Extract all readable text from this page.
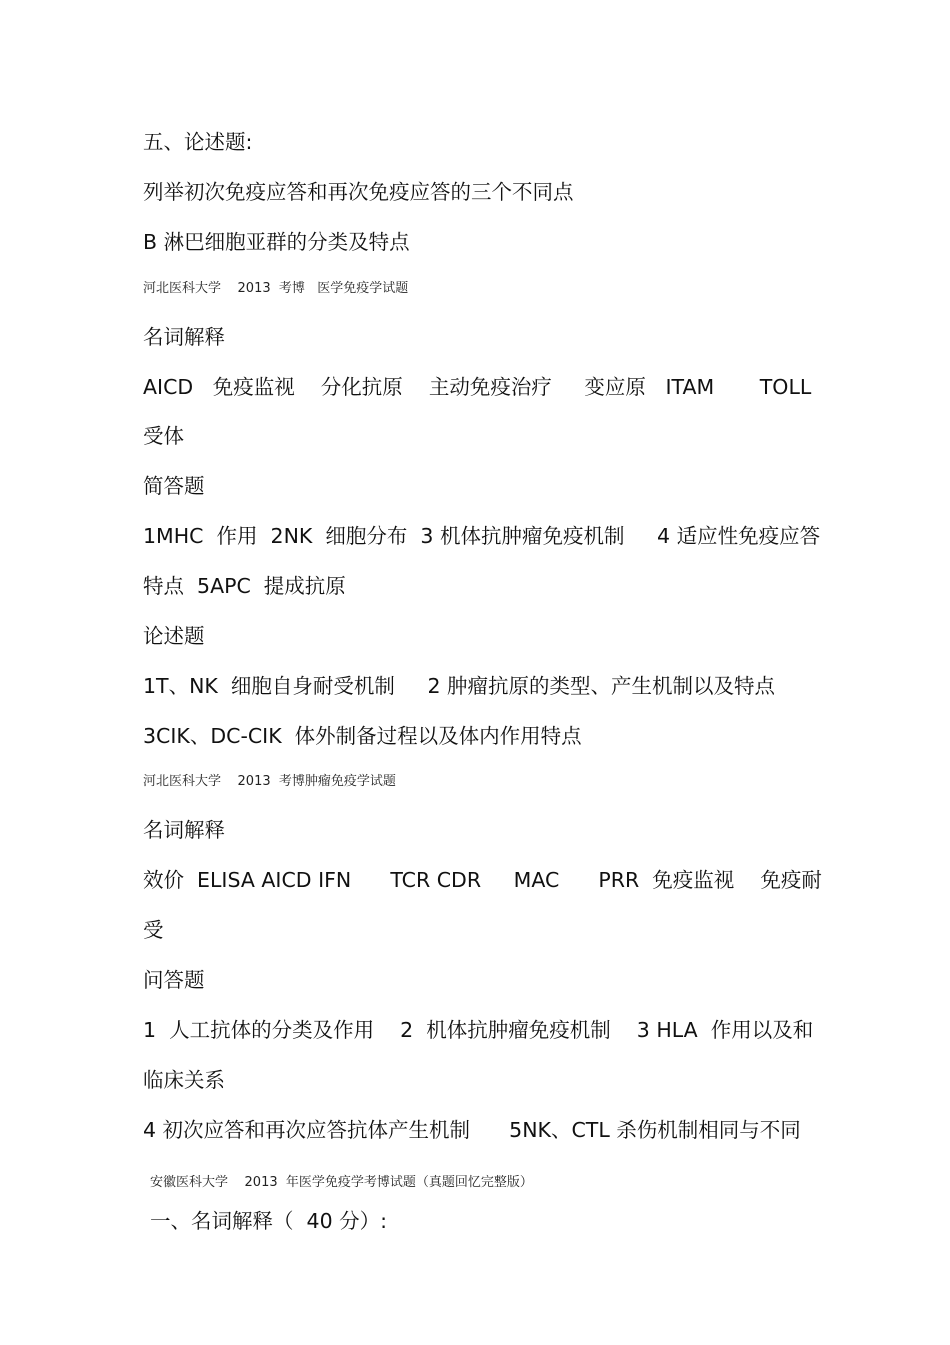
五、论述题:
列举初次免疫应答和再次免疫应答的三个不同点
B 淋巴细胞亚群的分类及特点
河北医科大学    2013  考博   医学免疫学试题
名词解释
AICD   免疫监视    分化抗原    主动免疫治疗     变应原   ITAM       TOLL
受体
简答题
1MHC  作用  2NK  细胞分布  3 机体抗肿瘤免疫机制     4 适应性免疫应答
特点  5APC  提成抗原
论述题
1T、NK  细胞自身耐受机制     2 肿瘤抗原的类型、产生机制以及特点
3CIK、DC-CIK  体外制备过程以及体内作用特点
河北医科大学    2013  考博肿瘤免疫学试题
名词解释
效价  ELISA AICD IFN      TCR CDR     MAC      PRR  免疫监视    免疫耐
受
问答题
1  人工抗体的分类及作用    2  机体抗肿瘤免疫机制    3 HLA  作用以及和
临床关系
4 初次应答和再次应答抗体产生机制      5NK、CTL 杀伤机制相同与不同
安徽医科大学    2013  年医学免疫学考博试题（真题回忆完整版）
一、名词解释（  40 分）:
